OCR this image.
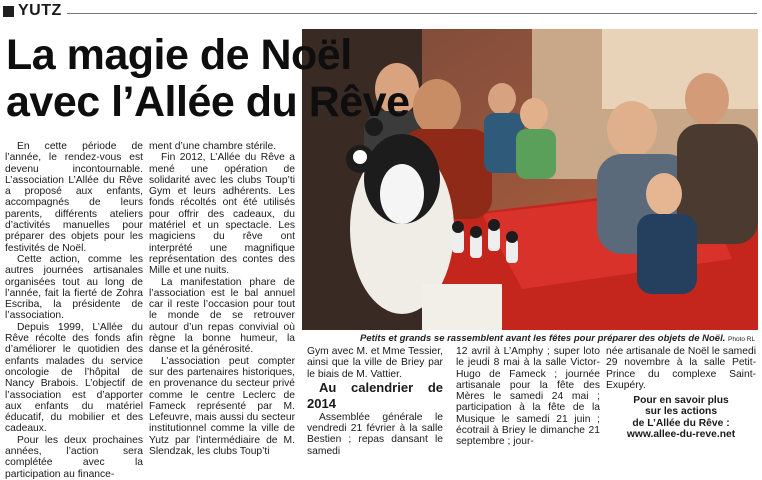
YUTZ
La magie de Noël
avec l’Allée du Rêve
Petits et grands se rassemblent avant les fêtes pour préparer des objets de Noël. Photo RL

En cette période de l’année, le rendez-vous est devenu incontournable. L’association L’Allée du Rêve a proposé aux enfants, accompagnés de leurs parents, différents ateliers d’activités manuelles pour préparer des objets pour les festivités de Noël.

Cette action, comme les autres journées artisanales organisées tout au long de l’année, fait la fierté de Zohra Escriba, la présidente de l’association.

Depuis 1999, L’Allée du Rêve récolte des fonds afin d’améliorer le quotidien des enfants malades du service oncologie de l’hôpital de Nancy Brabois. L’objectif de l’association est d’apporter aux enfants du matériel éducatif, du mobilier et des cadeaux.

Pour les deux prochaines années, l’action sera complétée avec la participation au finance-

ment d’une chambre stérile.

Fin 2012, L’Allée du Rêve a mené une opération de solidarité avec les clubs Toup’ti Gym et leurs adhérents. Les fonds récoltés ont été utilisés pour offrir des cadeaux, du matériel et un spectacle. Les magiciens du rêve ont interprété une magnifique représentation des contes des Mille et une nuits.

La manifestation phare de l’association est le bal annuel car il reste l’occasion pour tout le monde de se retrouver autour d’un repas convivial où règne la bonne humeur, la danse et la générosité.

L’association peut compter sur des partenaires historiques, en provenance du secteur privé comme le centre Leclerc de Fameck représenté par M. Lefeuvre, mais aussi du secteur institutionnel comme la ville de Yutz par l’intermédiaire de M. Slendzak, les clubs Toup’ti

Gym avec M. et Mme Tessier, ainsi que la ville de Briey par le biais de M. Vattier.

Au calendrier de 2014

Assemblée générale le vendredi 21 février à la salle Bestien ; repas dansant le samedi

12 avril à L’Amphy ; super loto le jeudi 8 mai à la salle Victor-Hugo de Fameck ; journée artisanale pour la fête des Mères le samedi 24 mai ; participation à la fête de la Musique le samedi 21 juin ; écotrail à Briey le dimanche 21 septembre ; jour-

née artisanale de Noël le samedi 29 novembre à la salle Petit-Prince du complexe Saint-Exupéry.

Pour en savoir plus

sur les actions

de L’Allée du Rêve :

www.allee-du-reve.net
